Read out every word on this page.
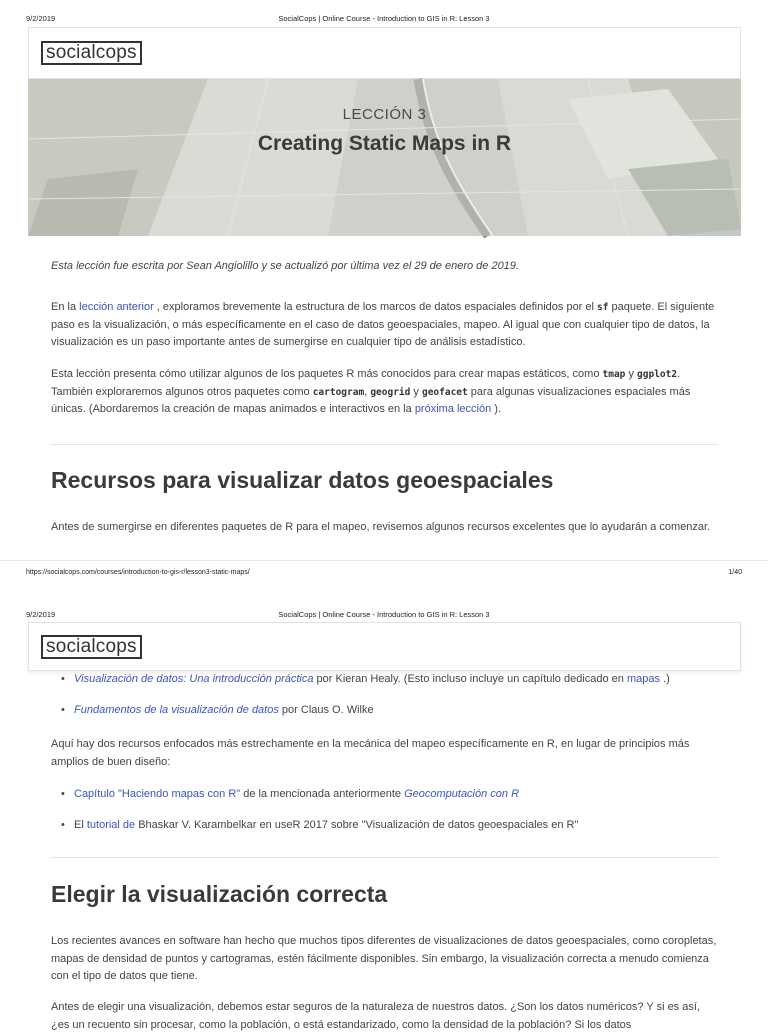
9/2/2019	SocialCops | Online Course - Introduction to GIS in R: Lesson 3
socialcops
LECCIÓN 3
Creating Static Maps in R

Esta lección fue escrita por Sean Angiolillo y se actualizó por última vez el 29 de enero de 2019.

En la lección anterior , exploramos brevemente la estructura de los marcos de datos espaciales definidos por el sf paquete. El siguiente paso es la visualización, o más específicamente en el caso de datos geoespaciales, mapeo. Al igual que con cualquier tipo de datos, la visualización es un paso importante antes de sumergirse en cualquier tipo de análisis estadístico.

Esta lección presenta cómo utilizar algunos de los paquetes R más conocidos para crear mapas estáticos, como tmap y ggplot2. También exploraremos algunos otros paquetes como cartogram, geogrid y geofacet para algunas visualizaciones espaciales más únicas. (Abordaremos la creación de mapas animados e interactivos en la próxima lección ).

Recursos para visualizar datos geoespaciales

Antes de sumergirse en diferentes paquetes de R para el mapeo, revisemos algunos recursos excelentes que lo ayudarán a comenzar.

https://socialcops.com/courses/introduction-to-gis-r/lesson3-static-maps/	1/40
9/2/2019	SocialCops | Online Course - Introduction to GIS in R: Lesson 3
socialcops
• Visualización de datos: Una introducción práctica por Kieran Healy. (Esto incluso incluye un capítulo dedicado en mapas .)
• Fundamentos de la visualización de datos por Claus O. Wilke

Aquí hay dos recursos enfocados más estrechamente en la mecánica del mapeo específicamente en R, en lugar de principios más amplios de buen diseño:

• Capítulo "Haciendo mapas con R" de la mencionada anteriormente Geocomputación con R
• El tutorial de Bhaskar V. Karambelkar en useR 2017 sobre "Visualización de datos geoespaciales en R"
Elegir la visualización correcta

Los recientes avances en software han hecho que muchos tipos diferentes de visualizaciones de datos geoespaciales, como coropletas, mapas de densidad de puntos y cartogramas, estén fácilmente disponibles. Sin embargo, la visualización correcta a menudo comienza con el tipo de datos que tiene.

Antes de elegir una visualización, debemos estar seguros de la naturaleza de nuestros datos. ¿Son los datos numéricos? Y si es así, ¿es un recuento sin procesar, como la población, o está estandarizado, como la densidad de la población? Si los datos
